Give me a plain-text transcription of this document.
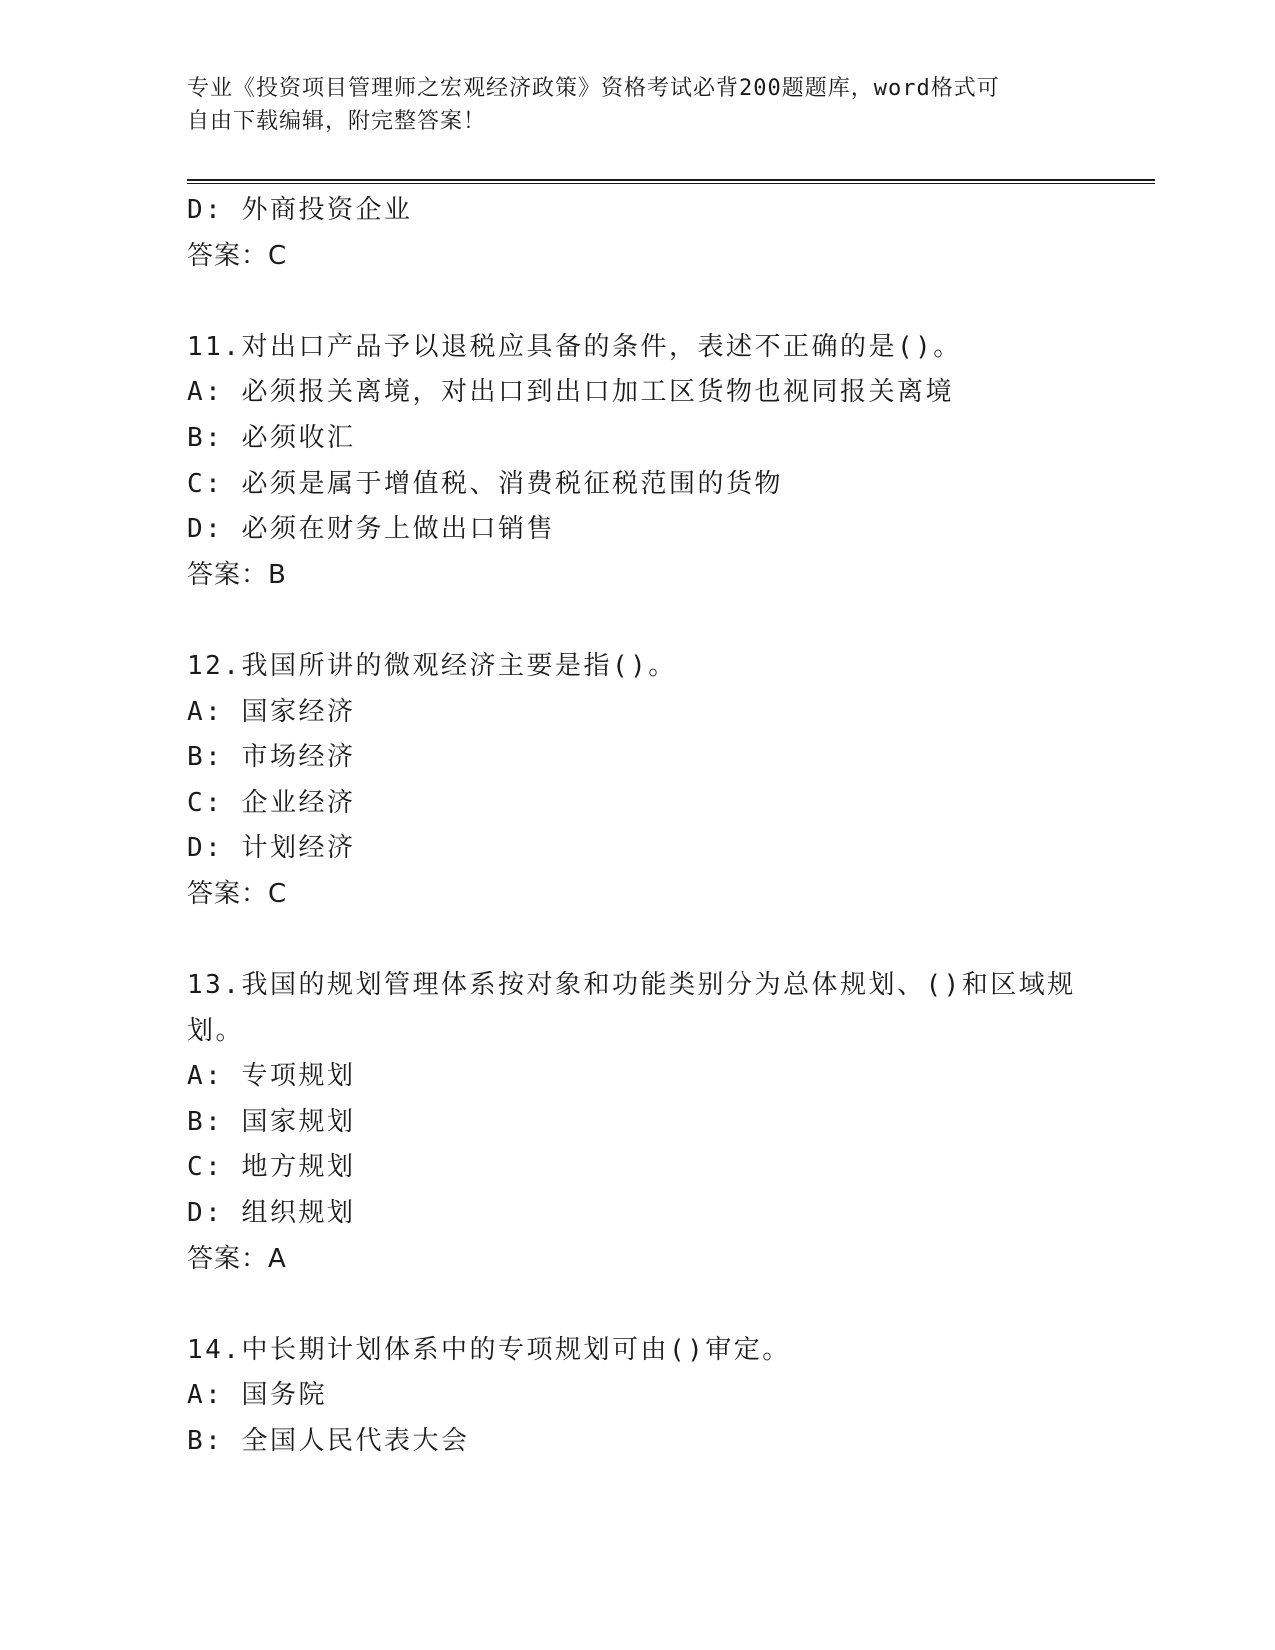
专业《投资项目管理师之宏观经济政策》资格考试必背200题题库，word格式可
自由下载编辑，附完整答案！
D: 外商投资企业
答案：C
11.对出口产品予以退税应具备的条件，表述不正确的是()。
A: 必须报关离境，对出口到出口加工区货物也视同报关离境
B: 必须收汇
C: 必须是属于增值税、消费税征税范围的货物
D: 必须在财务上做出口销售
答案：B
12.我国所讲的微观经济主要是指()。
A: 国家经济
B: 市场经济
C: 企业经济
D: 计划经济
答案：C
13.我国的规划管理体系按对象和功能类别分为总体规划、()和区域规
划。
A: 专项规划
B: 国家规划
C: 地方规划
D: 组织规划
答案：A
14.中长期计划体系中的专项规划可由()审定。
A: 国务院
B: 全国人民代表大会
